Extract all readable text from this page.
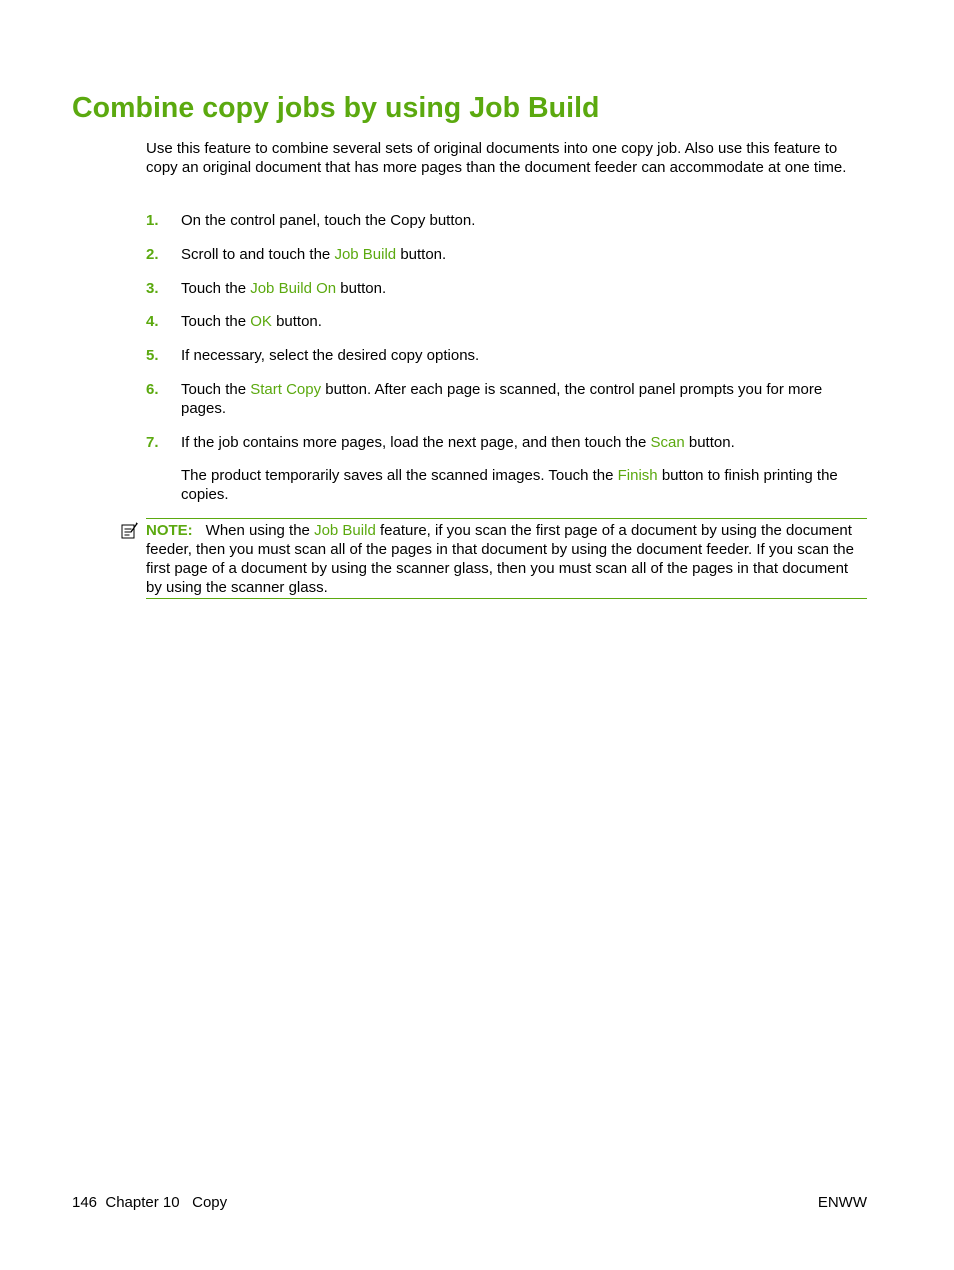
Combine copy jobs by using Job Build

Use this feature to combine several sets of original documents into one copy job. Also use this feature to copy an original document that has more pages than the document feeder can accommodate at one time.

1.	On the control panel, touch the Copy button.
2.	Scroll to and touch the Job Build button.
3.	Touch the Job Build On button.
4.	Touch the OK button.
5.	If necessary, select the desired copy options.
6.	Touch the Start Copy button. After each page is scanned, the control panel prompts you for more pages.
7.	If the job contains more pages, load the next page, and then touch the Scan button.
The product temporarily saves all the scanned images. Touch the Finish button to finish printing the copies.
NOTE: When using the Job Build feature, if you scan the first page of a document by using the document feeder, then you must scan all of the pages in that document by using the document feeder. If you scan the first page of a document by using the scanner glass, then you must scan all of the pages in that document by using the scanner glass.
146 Chapter 10 Copy	ENWW
